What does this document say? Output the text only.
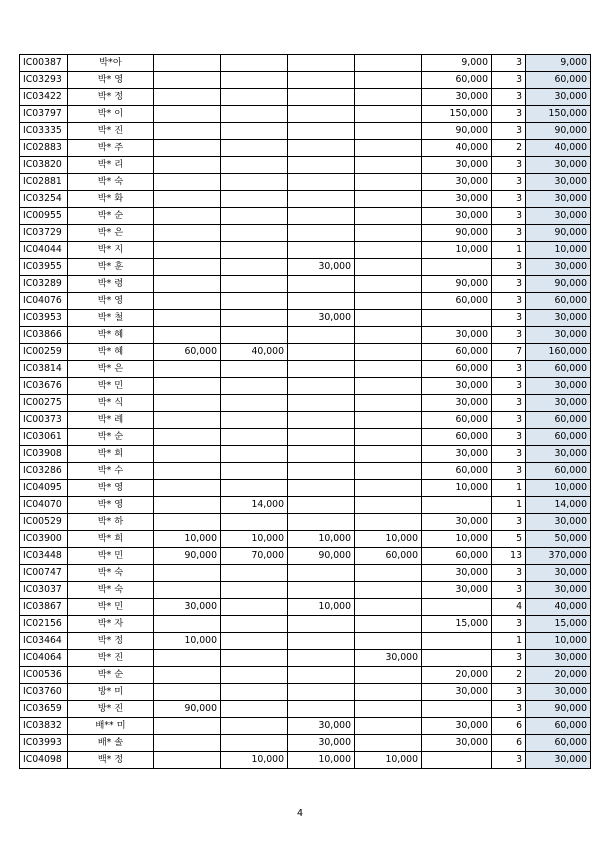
IC00387	박*아					9,000	3	9,000
IC03293	박* 영					60,000	3	60,000
IC03422	박* 정					30,000	3	30,000
IC03797	박* 이					150,000	3	150,000
IC03335	박* 진					90,000	3	90,000
IC02883	박* 주					40,000	2	40,000
IC03820	박* 리					30,000	3	30,000
IC02881	박* 숙					30,000	3	30,000
IC03254	박* 화					30,000	3	30,000
IC00955	박* 순					30,000	3	30,000
IC03729	박* 은					90,000	3	90,000
IC04044	박* 지					10,000	1	10,000
IC03955	박* 훈			30,000			3	30,000
IC03289	박* 령					90,000	3	90,000
IC04076	박* 영					60,000	3	60,000
IC03953	박* 철			30,000			3	30,000
IC03866	박* 혜					30,000	3	30,000
IC00259	박* 혜	60,000	40,000			60,000	7	160,000
IC03814	박* 은					60,000	3	60,000
IC03676	박* 민					30,000	3	30,000
IC00275	박* 식					30,000	3	30,000
IC00373	박* 례					60,000	3	60,000
IC03061	박* 순					60,000	3	60,000
IC03908	박* 희					30,000	3	30,000
IC03286	박* 수					60,000	3	60,000
IC04095	박* 영					10,000	1	10,000
IC04070	박* 영		14,000				1	14,000
IC00529	박* 하					30,000	3	30,000
IC03900	박* 희	10,000	10,000	10,000	10,000	10,000	5	50,000
IC03448	박* 민	90,000	70,000	90,000	60,000	60,000	13	370,000
IC00747	박* 숙					30,000	3	30,000
IC03037	박* 숙					30,000	3	30,000
IC03867	박* 민	30,000		10,000			4	40,000
IC02156	박* 자					15,000	3	15,000
IC03464	박* 정	10,000					1	10,000
IC04064	박* 진				30,000		3	30,000
IC00536	박* 순					20,000	2	20,000
IC03760	방* 미					30,000	3	30,000
IC03659	방* 진	90,000					3	90,000
IC03832	배** 미			30,000		30,000	6	60,000
IC03993	배* 솔			30,000		30,000	6	60,000
IC04098	백* 정		10,000	10,000	10,000		3	30,000
4
